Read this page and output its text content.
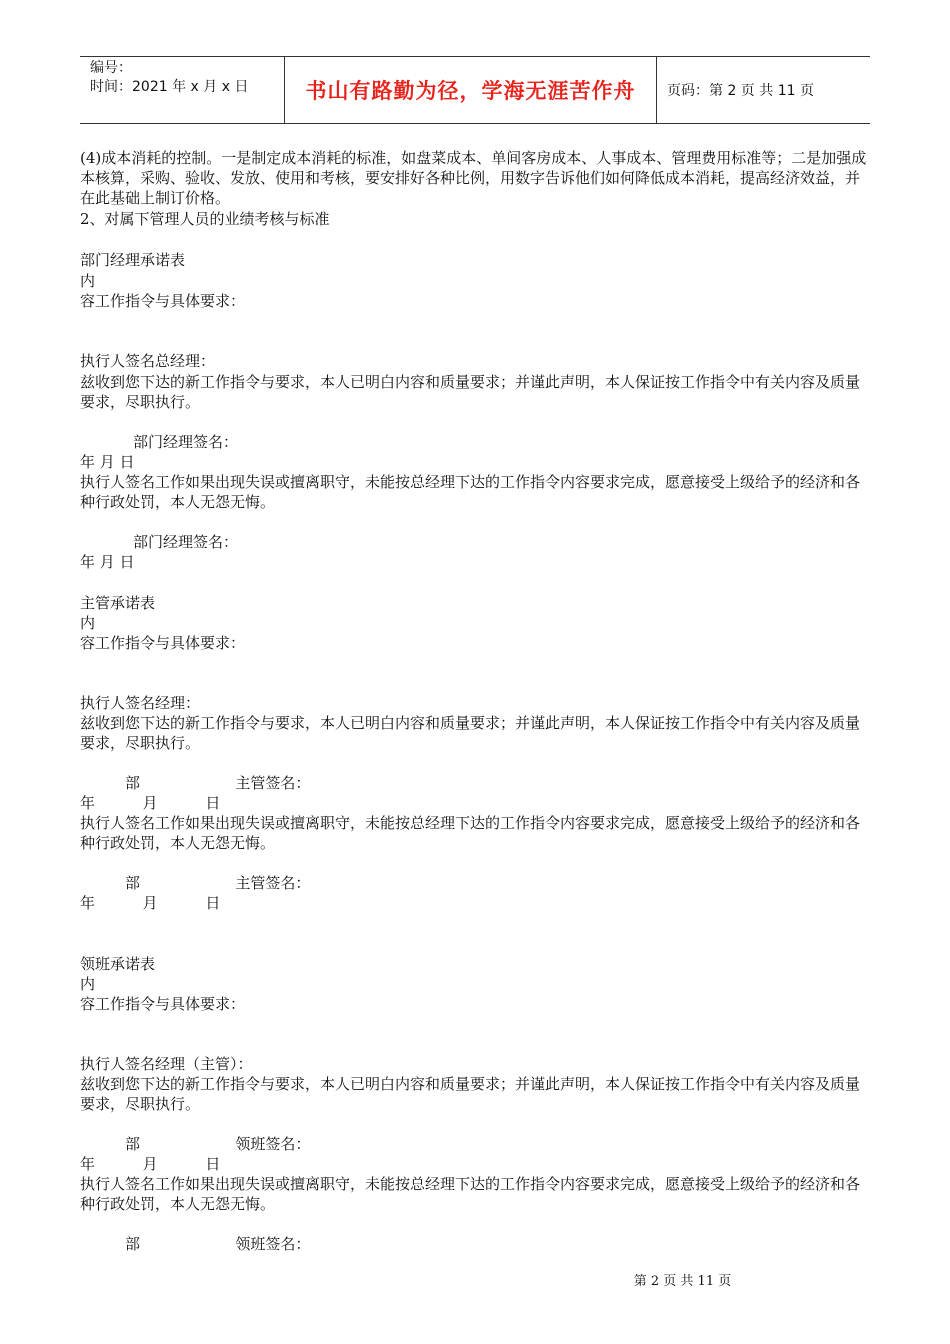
编号：
时间：2021 年 x 月 x 日	书山有路勤为径，学海无涯苦作舟	页码：第 2 页 共 11 页
(4)成本消耗的控制。一是制定成本消耗的标准，如盘菜成本、单间客房成本、人事成本、管理费用标准等；二是加强成本核算，采购、验收、发放、使用和考核，要安排好各种比例，用数字告诉他们如何降低成本消耗，提高经济效益，并在此基础上制订价格。
2、对属下管理人员的业绩考核与标准
部门经理承诺表
内
容工作指令与具体要求：
执行人签名总经理：
兹收到您下达的新工作指令与要求，本人已明白内容和质量要求；并谨此声明，本人保证按工作指令中有关内容及质量要求，尽职执行。
部门经理签名：
年 月 日
执行人签名工作如果出现失误或擅离职守，未能按总经理下达的工作指令内容要求完成，愿意接受上级给予的经济和各种行政处罚，本人无怨无悔。
部门经理签名：
年 月 日
主管承诺表
内
容工作指令与具体要求：
执行人签名经理：
兹收到您下达的新工作指令与要求，本人已明白内容和质量要求；并谨此声明，本人保证按工作指令中有关内容及质量要求，尽职执行。
部                    主管签名：
年          月          日
执行人签名工作如果出现失误或擅离职守，未能按总经理下达的工作指令内容要求完成，愿意接受上级给予的经济和各种行政处罚，本人无怨无悔。
部                    主管签名：
年          月          日
领班承诺表
内
容工作指令与具体要求：
执行人签名经理（主管）：
兹收到您下达的新工作指令与要求，本人已明白内容和质量要求；并谨此声明，本人保证按工作指令中有关内容及质量要求，尽职执行。
部                    领班签名：
年          月          日
执行人签名工作如果出现失误或擅离职守，未能按总经理下达的工作指令内容要求完成，愿意接受上级给予的经济和各种行政处罚，本人无怨无悔。
部                    领班签名：
第 2 页 共 11 页
